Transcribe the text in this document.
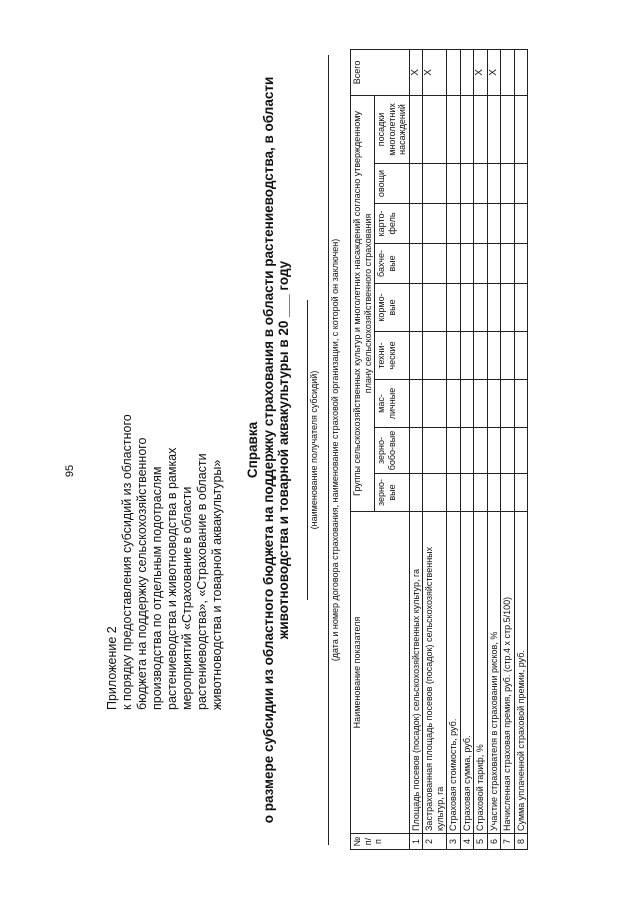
95
Приложение 2 к порядку предоставления субсидий из областного бюджета на поддержку сельскохозяйственного производства по отдельным подотраслям растениеводства и животноводства в рамках мероприятий «Страхование в области растениеводства», «Страхование в области животноводства и товарной аквакультуры»
Справка о размере субсидии из областного бюджета на поддержку страхования в области растениеводства, в области животноводства и товарной аквакультуры в 20 ___ году (наименование получателя субсидий) (дата и номер договора страхования, наименование страховой организации, с которой он заключен)
№ п/п	Наименование показателя	Группы сельскохозяйственных культур и многолетних насаждений согласно утвержденному плану сельскохозяйственного страхования									Всего
		зерно-вые	зерно-бобо-вые	мас-личные	техни-ческие	кормо-вые	бахче-вые	карто-фель	овощи	посадки многолетних насаждений	
1	Площадь посевов (посадок) сельскохозяйственных культур, га										X
2	Застрахованная площадь посевов (посадок) сельскохозяйственных культур, га										X
3	Страховая стоимость, руб.										
4	Страховая сумма, руб.										
5	Страховой тариф, %										X
6	Участие страхователя в страховании рисков, %										X
7	Начисленная страховая премия, руб. (стр.4 х стр.5/100)										
8	Сумма уплаченной страховой премии, руб.										
